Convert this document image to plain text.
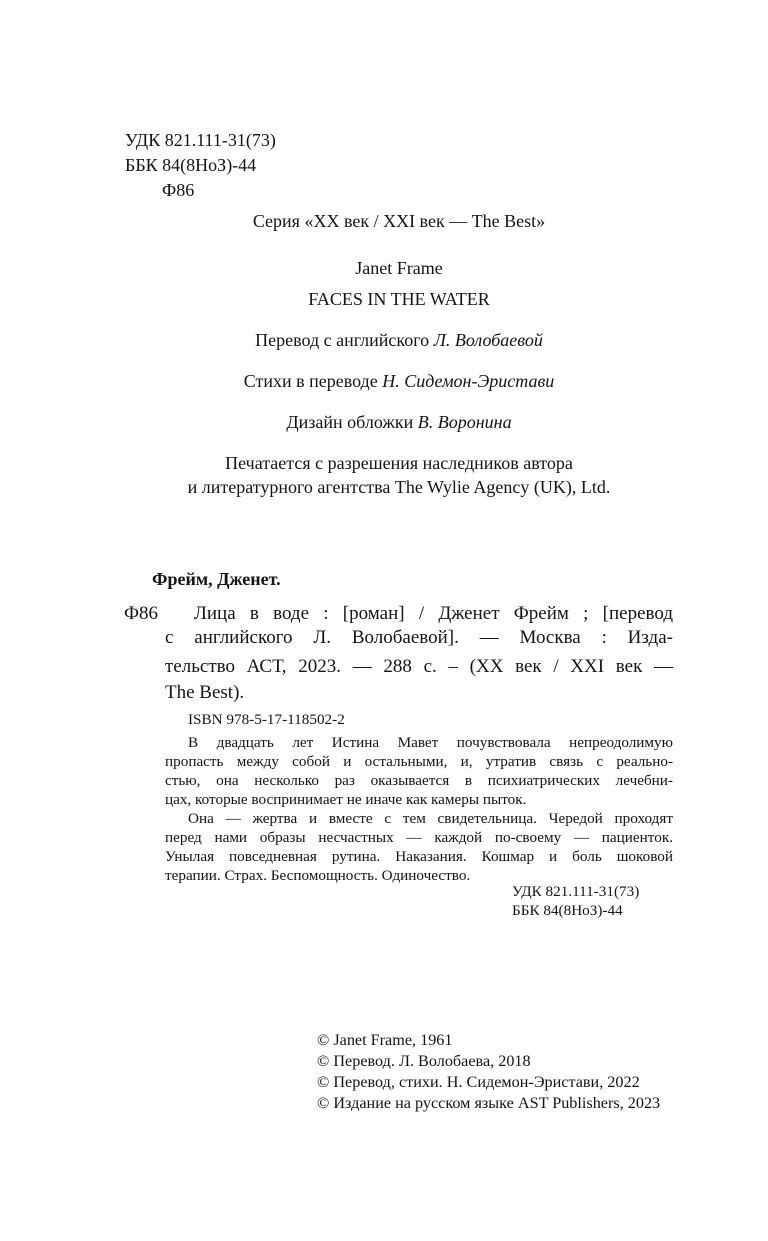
УДК 821.111-31(73)
ББК 84(8НоЗ)-44
Ф86
Серия «XX век / XXI век — The Best»
Janet Frame
FACES IN THE WATER
Перевод с английского Л. Волобаевой
Стихи в переводе Н. Сидемон-Эристави
Дизайн обложки В. Воронина
Печатается с разрешения наследников автора
и литературного агентства The Wylie Agency (UK), Ltd.
Фрейм, Дженет.
Ф86 Лица в воде : [роман] / Дженет Фрейм ; [перевод
с английского Л. Волобаевой]. — Москва : Изда-
тельство АСТ, 2023. — 288 с. – (XX век / XXI век —
The Best).
ISBN 978-5-17-118502-2
В двадцать лет Истина Мавет почувствовала непреодолимую
пропасть между собой и остальными, и, утратив связь с реально-
стью, она несколько раз оказывается в психиатрических лечебни-
цах, которые воспринимает не иначе как камеры пыток.
Она — жертва и вместе с тем свидетельница. Чередой проходят
перед нами образы несчастных — каждой по-своему — пациенток.
Унылая повседневная рутина. Наказания. Кошмар и боль шоковой
терапии. Страх. Беспомощность. Одиночество.
УДК 821.111-31(73)
ББК 84(8НоЗ)-44
© Janet Frame, 1961
© Перевод. Л. Волобаева, 2018
© Перевод, стихи. Н. Сидемон-Эристави, 2022
© Издание на русском языке AST Publishers, 2023
